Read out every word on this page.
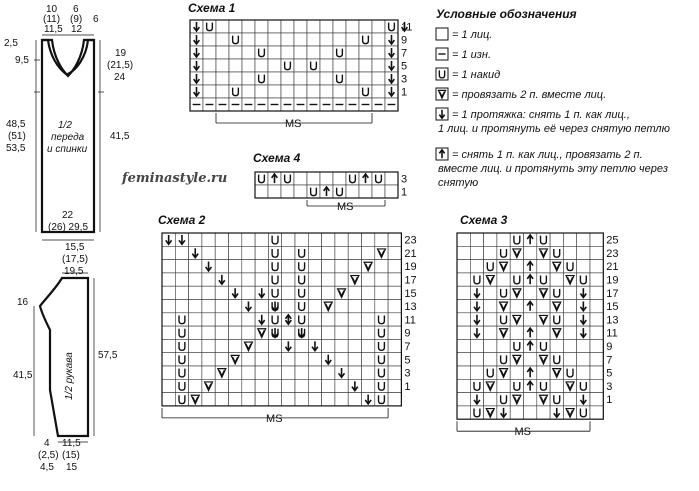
10
(11)
11,5
6
(9)
12
6
2,5
9,5
19
(21,5)
24
48,5
(51)
53,5
41,5
1/2
переда
и спинки
22
(26) 29,5
15,5
(17,5)
19,5
16
41,5
57,5
1/2 рукава
4
(2,5)
4,5
11,5
(15)
15
feminastyle.ru
Схема 1
Схема 4
Схема 2	Схема 3
11
9
7
5
3
1
MS
3
1
MS
23
21
19
17
15
13
11
9
7
5
3
1
MS
25
23
21
19
17
15
13
11
9
7
5
3
1
MS
Условные обозначения
= 1 лиц.
= 1 изн.
= 1 накид
= провязать 2 п. вместе лиц.
= 1 протяжка: снять 1 п. как лиц.,
1 лиц. и протянуть её через снятую петлю
= снять 1 п. как лиц., провязать 2 п.
вместе лиц. и протянуть эту петлю через
снятую
